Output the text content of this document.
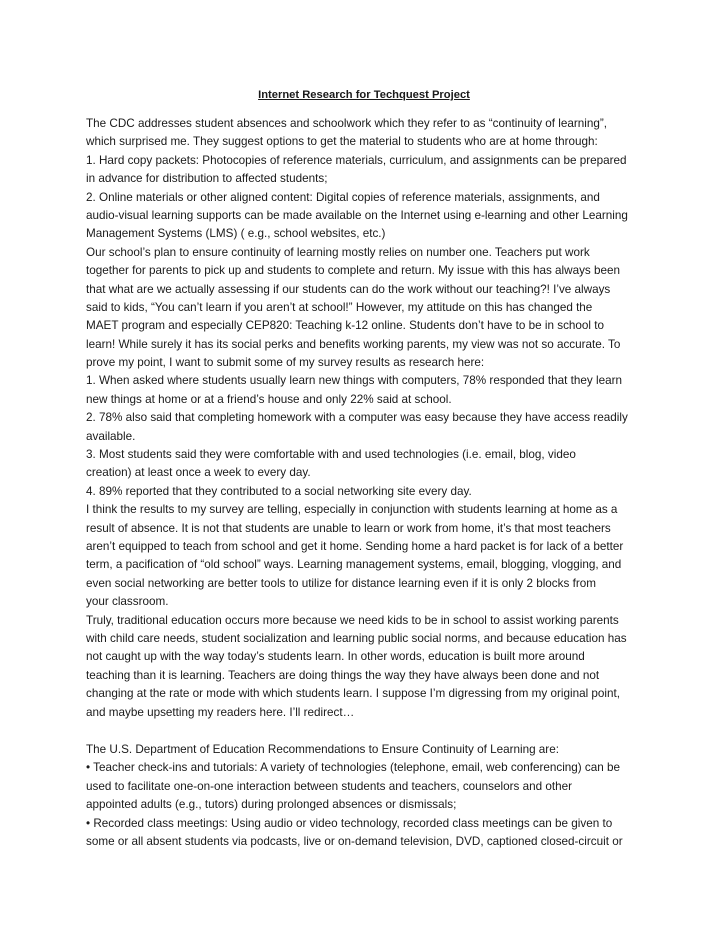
Internet Research for Techquest Project
The CDC addresses student absences and schoolwork which they refer to as “continuity of learning”,
which surprised me. They suggest options to get the material to students who are at home through:
1. Hard copy packets: Photocopies of reference materials, curriculum, and assignments can be prepared
in advance for distribution to affected students;
2. Online materials or other aligned content: Digital copies of reference materials, assignments, and
audio-visual learning supports can be made available on the Internet using e-learning and other Learning
Management Systems (LMS) ( e.g., school websites, etc.)
Our school’s plan to ensure continuity of learning mostly relies on number one. Teachers put work
together for parents to pick up and students to complete and return. My issue with this has always been
that what are we actually assessing if our students can do the work without our teaching?! I’ve always
said to kids, “You can’t learn if you aren’t at school!” However, my attitude on this has changed the
MAET program and especially CEP820: Teaching k-12 online. Students don’t have to be in school to
learn! While surely it has its social perks and benefits working parents, my view was not so accurate. To
prove my point, I want to submit some of my survey results as research here:
1. When asked where students usually learn new things with computers, 78% responded that they learn
new things at home or at a friend’s house and only 22% said at school.
2. 78% also said that completing homework with a computer was easy because they have access readily
available.
3. Most students said they were comfortable with and used technologies (i.e. email, blog, video
creation) at least once a week to every day.
4. 89% reported that they contributed to a social networking site every day.
I think the results to my survey are telling, especially in conjunction with students learning at home as a
result of absence. It is not that students are unable to learn or work from home, it’s that most teachers
aren’t equipped to teach from school and get it home. Sending home a hard packet is for lack of a better
term, a pacification of “old school” ways. Learning management systems, email, blogging, vlogging, and
even social networking are better tools to utilize for distance learning even if it is only 2 blocks from
your classroom.
Truly, traditional education occurs more because we need kids to be in school to assist working parents
with child care needs, student socialization and learning public social norms, and because education has
not caught up with the way today’s students learn. In other words, education is built more around
teaching than it is learning. Teachers are doing things the way they have always been done and not
changing at the rate or mode with which students learn. I suppose I’m digressing from my original point,
and maybe upsetting my readers here. I’ll redirect…
The U.S. Department of Education Recommendations to Ensure Continuity of Learning are:
• Teacher check-ins and tutorials: A variety of technologies (telephone, email, web conferencing) can be
used to facilitate one-on-one interaction between students and teachers, counselors and other
appointed adults (e.g., tutors) during prolonged absences or dismissals;
• Recorded class meetings: Using audio or video technology, recorded class meetings can be given to
some or all absent students via podcasts, live or on-demand television, DVD, captioned closed-circuit or
